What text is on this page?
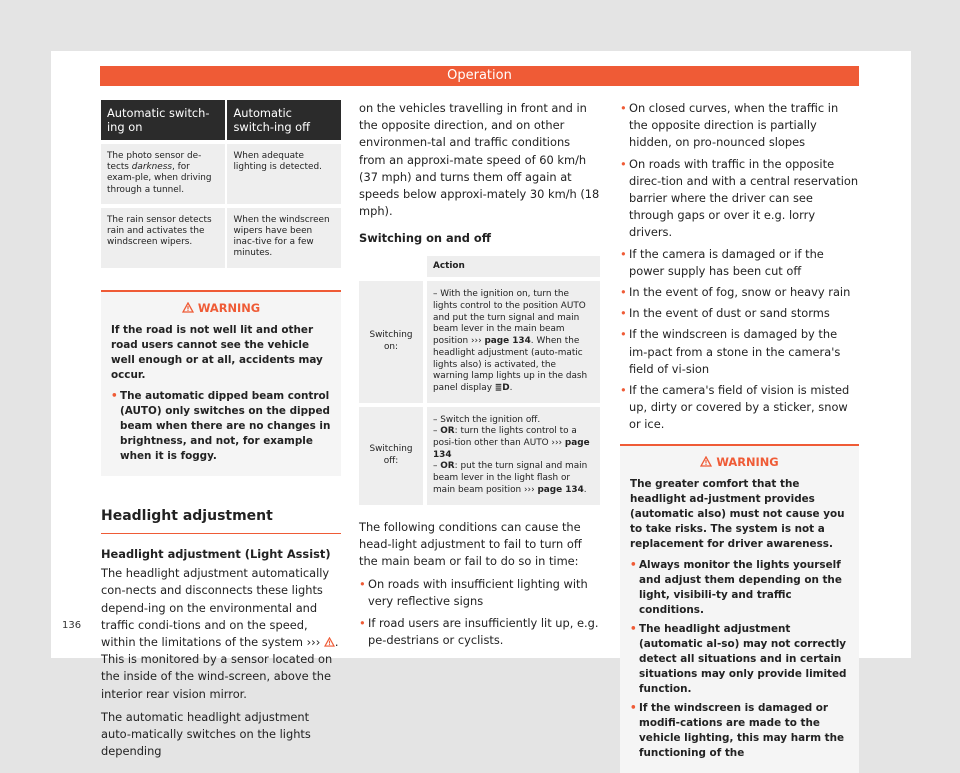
Operation
Automatic switch-ing on	Automatic switch-ing off
The photo sensor de-tects darkness, for exam-ple, when driving through a tunnel.	When adequate lighting is detected.
The rain sensor detects rain and activates the windscreen wipers.	When the windscreen wipers have been inac-tive for a few minutes.
WARNING

If the road is not well lit and other road users cannot see the vehicle well enough or at all, accidents may occur.

• The automatic dipped beam control (AUTO) only switches on the dipped beam when there are no changes in brightness, and not, for example when it is foggy.
Headlight adjustment
Headlight adjustment (Light Assist)

The headlight adjustment automatically con-nects and disconnects these lights depend-ing on the environmental and traffic condi-tions and on the speed, within the limitations of the system ››› . This is monitored by a sensor located on the inside of the wind-screen, above the interior rear vision mirror.

The automatic headlight adjustment auto-matically switches on the lights depending

on the vehicles travelling in front and in the opposite direction, and on other environmen-tal and traffic conditions from an approxi-mate speed of 60 km/h (37 mph) and turns them off again at speeds below approxi-mately 30 km/h (18 mph).

Switching on and off
	Action
Switching on:	– With the ignition on, turn the lights control to the position AUTO and put the turn signal and main beam lever in the main beam position ››› page 134. When the headlight adjustment (auto-matic lights also) is activated, the warning lamp lights up in the dash panel display ≣D.
Switching off:	– Switch the ignition off.
– OR: turn the lights control to a posi-tion other than AUTO ››› page 134
– OR: put the turn signal and main beam lever in the light flash or main beam position ››› page 134.

The following conditions can cause the head-light adjustment to fail to turn off the main beam or fail to do so in time:

• On roads with insufficient lighting with very reflective signs
• If road users are insufficiently lit up, e.g. pe-destrians or cyclists.
• On closed curves, when the traffic in the opposite direction is partially hidden, on pro-nounced slopes
• On roads with traffic in the opposite direc-tion and with a central reservation barrier where the driver can see through gaps or over it e.g. lorry drivers.
• If the camera is damaged or if the power supply has been cut off
• In the event of fog, snow or heavy rain
• In the event of dust or sand storms
• If the windscreen is damaged by the im-pact from a stone in the camera's field of vi-sion
• If the camera's field of vision is misted up, dirty or covered by a sticker, snow or ice.
WARNING

The greater comfort that the headlight ad-justment provides (automatic also) must not cause you to take risks. The system is not a replacement for driver awareness.

• Always monitor the lights yourself and adjust them depending on the light, visibili-ty and traffic conditions.
• The headlight adjustment (automatic al-so) may not correctly detect all situations and in certain situations may only provide limited function.
• If the windscreen is damaged or modifi-cations are made to the vehicle lighting, this may harm the functioning of the
136
